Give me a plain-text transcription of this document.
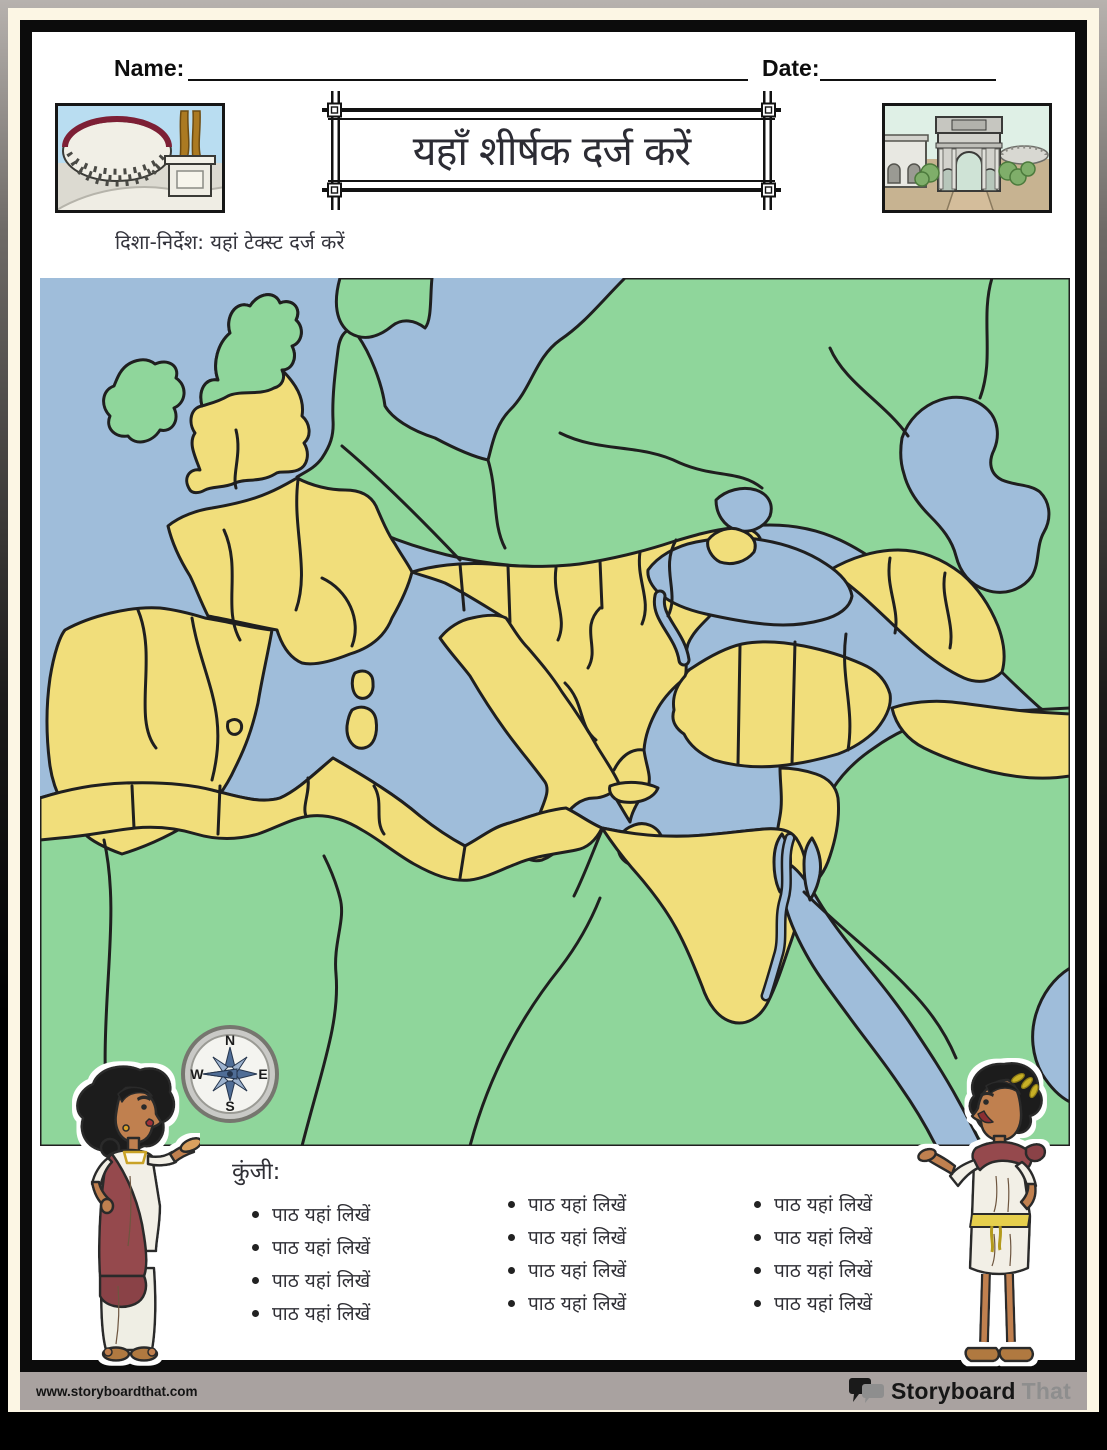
Name:	Date:
यहाँ शीर्षक दर्ज करें
दिशा-निर्देश: यहां टेक्स्ट दर्ज करें
N
E
S
W
कुंजी:
पाठ यहां लिखें
पाठ यहां लिखें
पाठ यहां लिखें
पाठ यहां लिखें
पाठ यहां लिखें
पाठ यहां लिखें
पाठ यहां लिखें
पाठ यहां लिखें
पाठ यहां लिखें
पाठ यहां लिखें
पाठ यहां लिखें
पाठ यहां लिखें
www.storyboardthat.com	Storyboard That
